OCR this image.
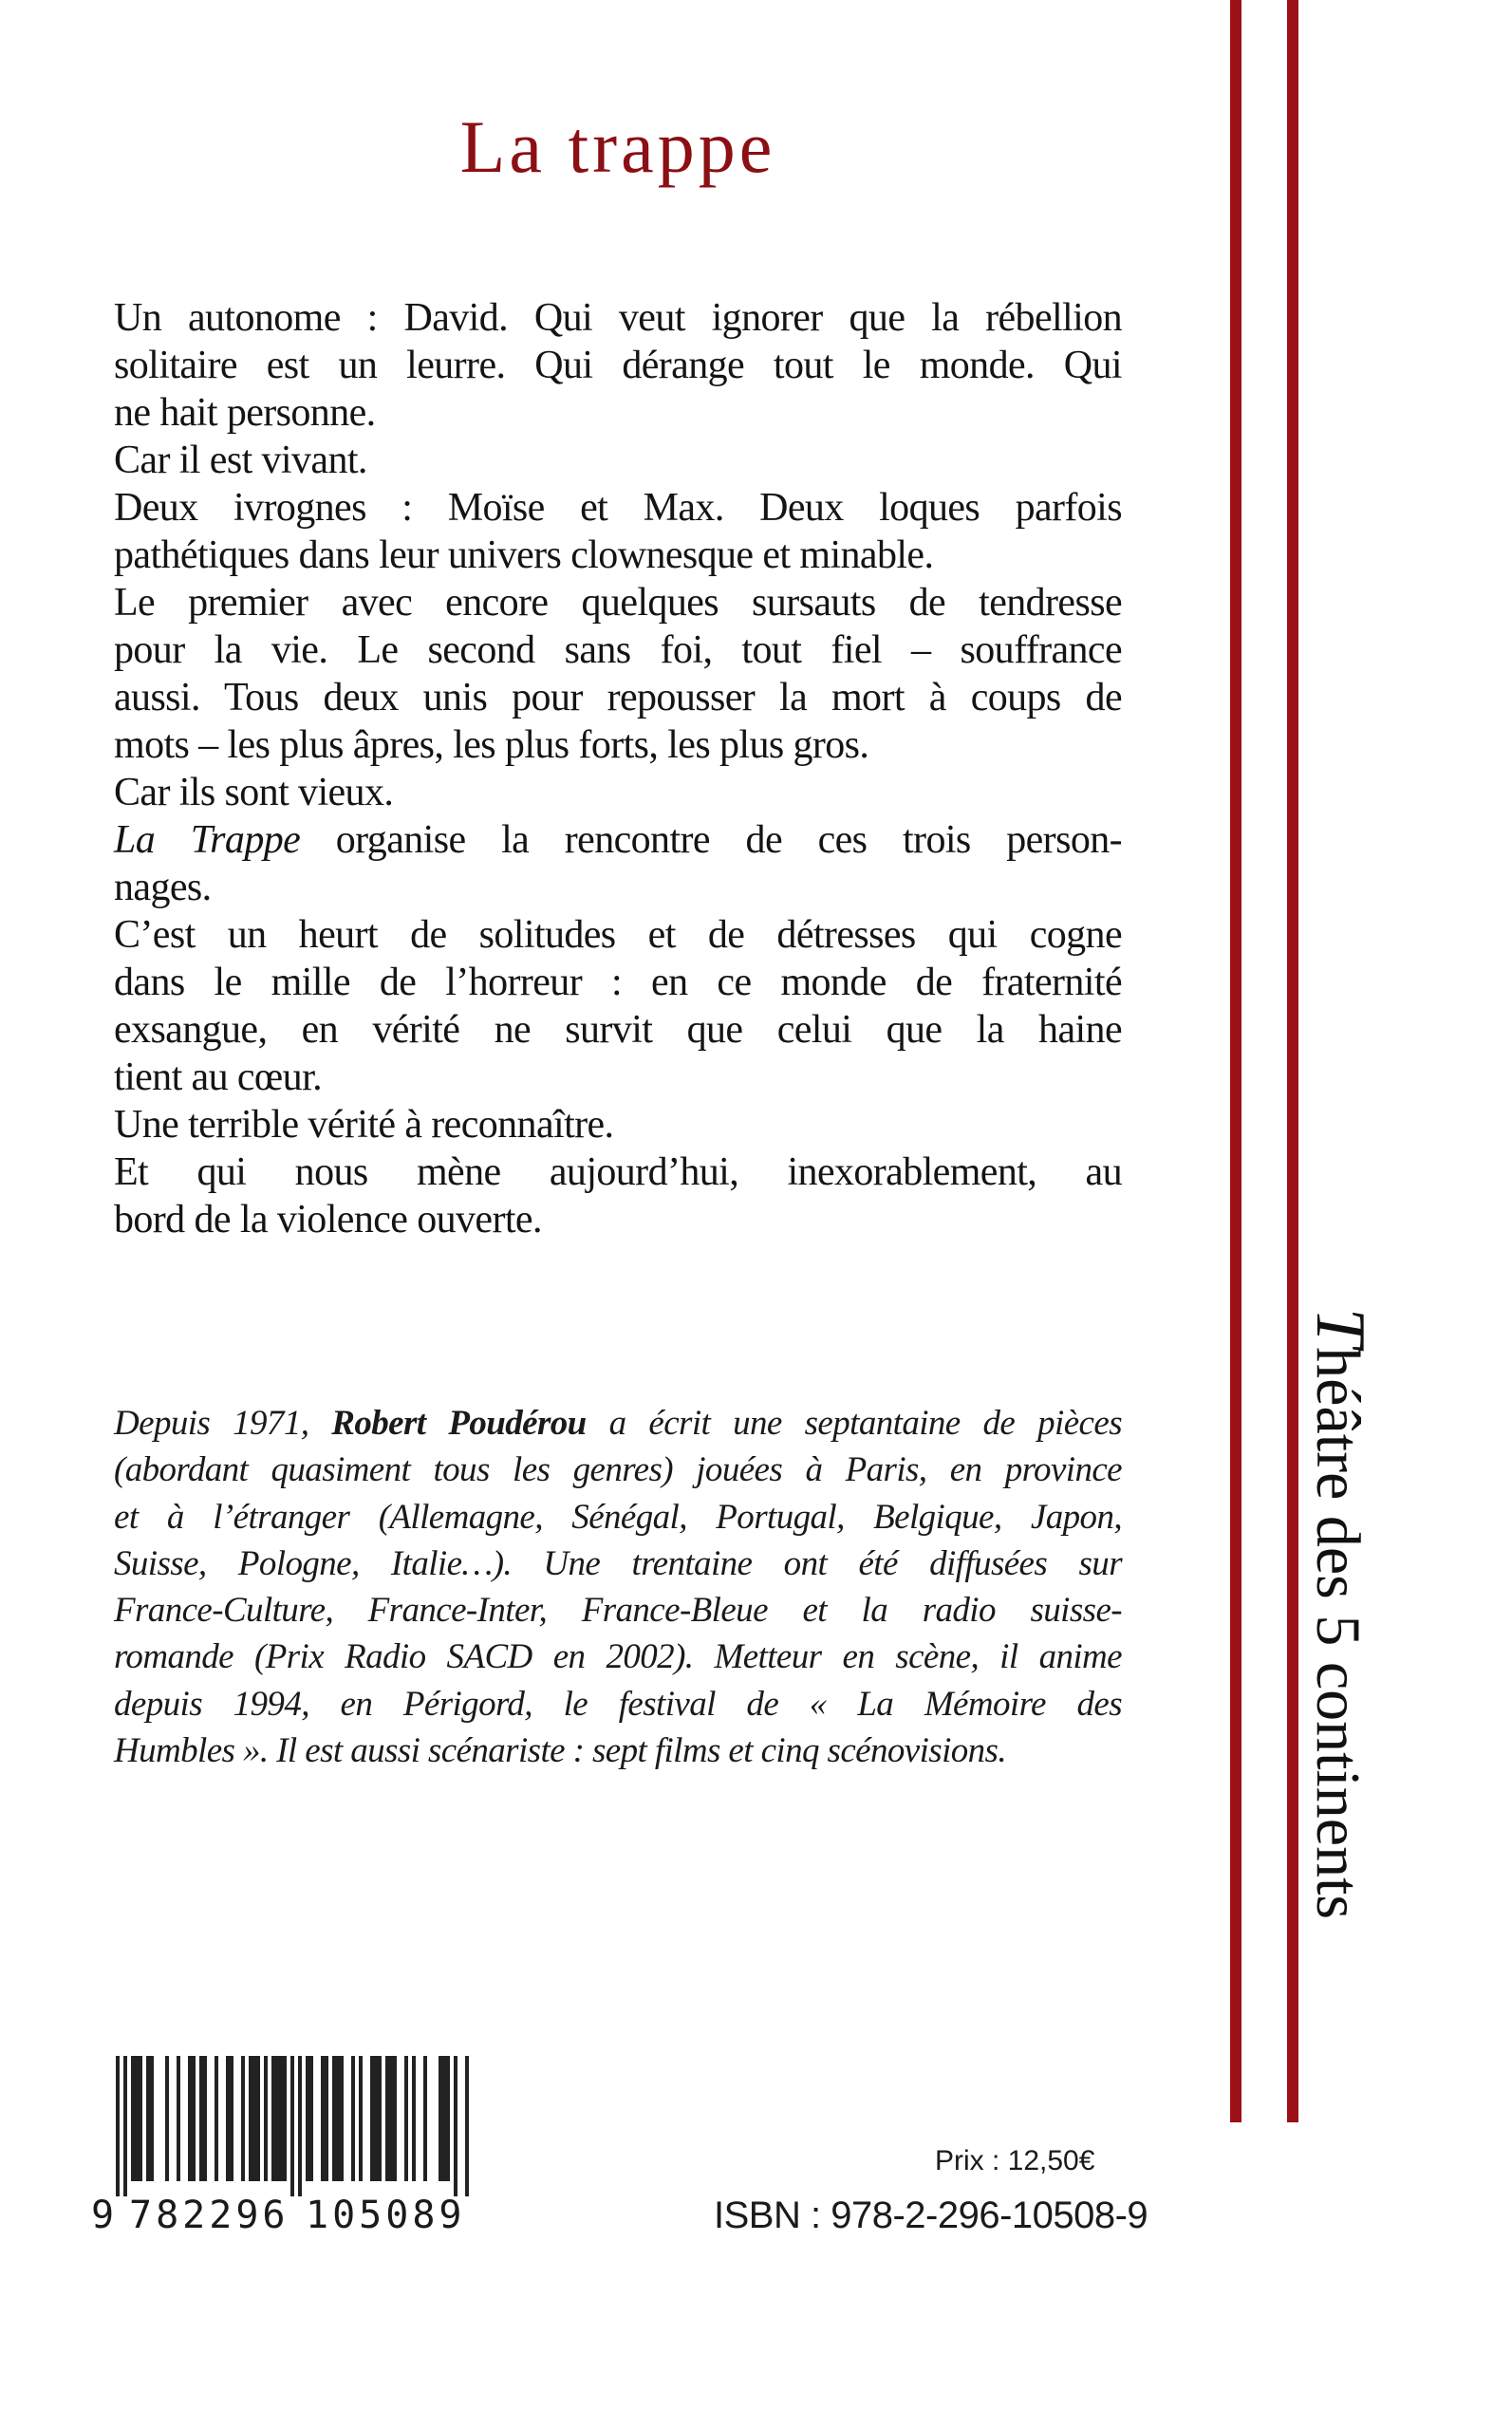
La trappe
Un autonome : David. Qui veut ignorer que la rébellion
solitaire est un leurre. Qui dérange tout le monde. Qui
ne hait personne.
Car il est vivant.
Deux ivrognes : Moïse et Max. Deux loques parfois
pathétiques dans leur univers clownesque et minable.
Le premier avec encore quelques sursauts de tendresse
pour la vie. Le second sans foi, tout fiel – souffrance
aussi. Tous deux unis pour repousser la mort à coups de
mots – les plus âpres, les plus forts, les plus gros.
Car ils sont vieux.
La Trappe organise la rencontre de ces trois person-
nages.
C’est un heurt de solitudes et de détresses qui cogne
dans le mille de l’horreur : en ce monde de fraternité
exsangue, en vérité ne survit que celui que la haine
tient au cœur.
Une terrible vérité à reconnaître.
Et qui nous mène aujourd’hui, inexorablement, au
bord de la violence ouverte.
Depuis 1971, Robert Poudérou a écrit une septantaine de pièces
(abordant quasiment tous les genres) jouées à Paris, en province
et à l’étranger (Allemagne, Sénégal, Portugal, Belgique, Japon,
Suisse, Pologne, Italie…). Une trentaine ont été diffusées sur
France-Culture, France-Inter, France-Bleue et la radio suisse-
romande (Prix Radio SACD en 2002). Metteur en scène, il anime
depuis 1994, en Périgord, le festival de « La Mémoire des
Humbles ». Il est aussi scénariste : sept films et cinq scénovisions.
Théâtre des 5 continents
9 782296 105089
Prix : 12,50€
ISBN : 978-2-296-10508-9
